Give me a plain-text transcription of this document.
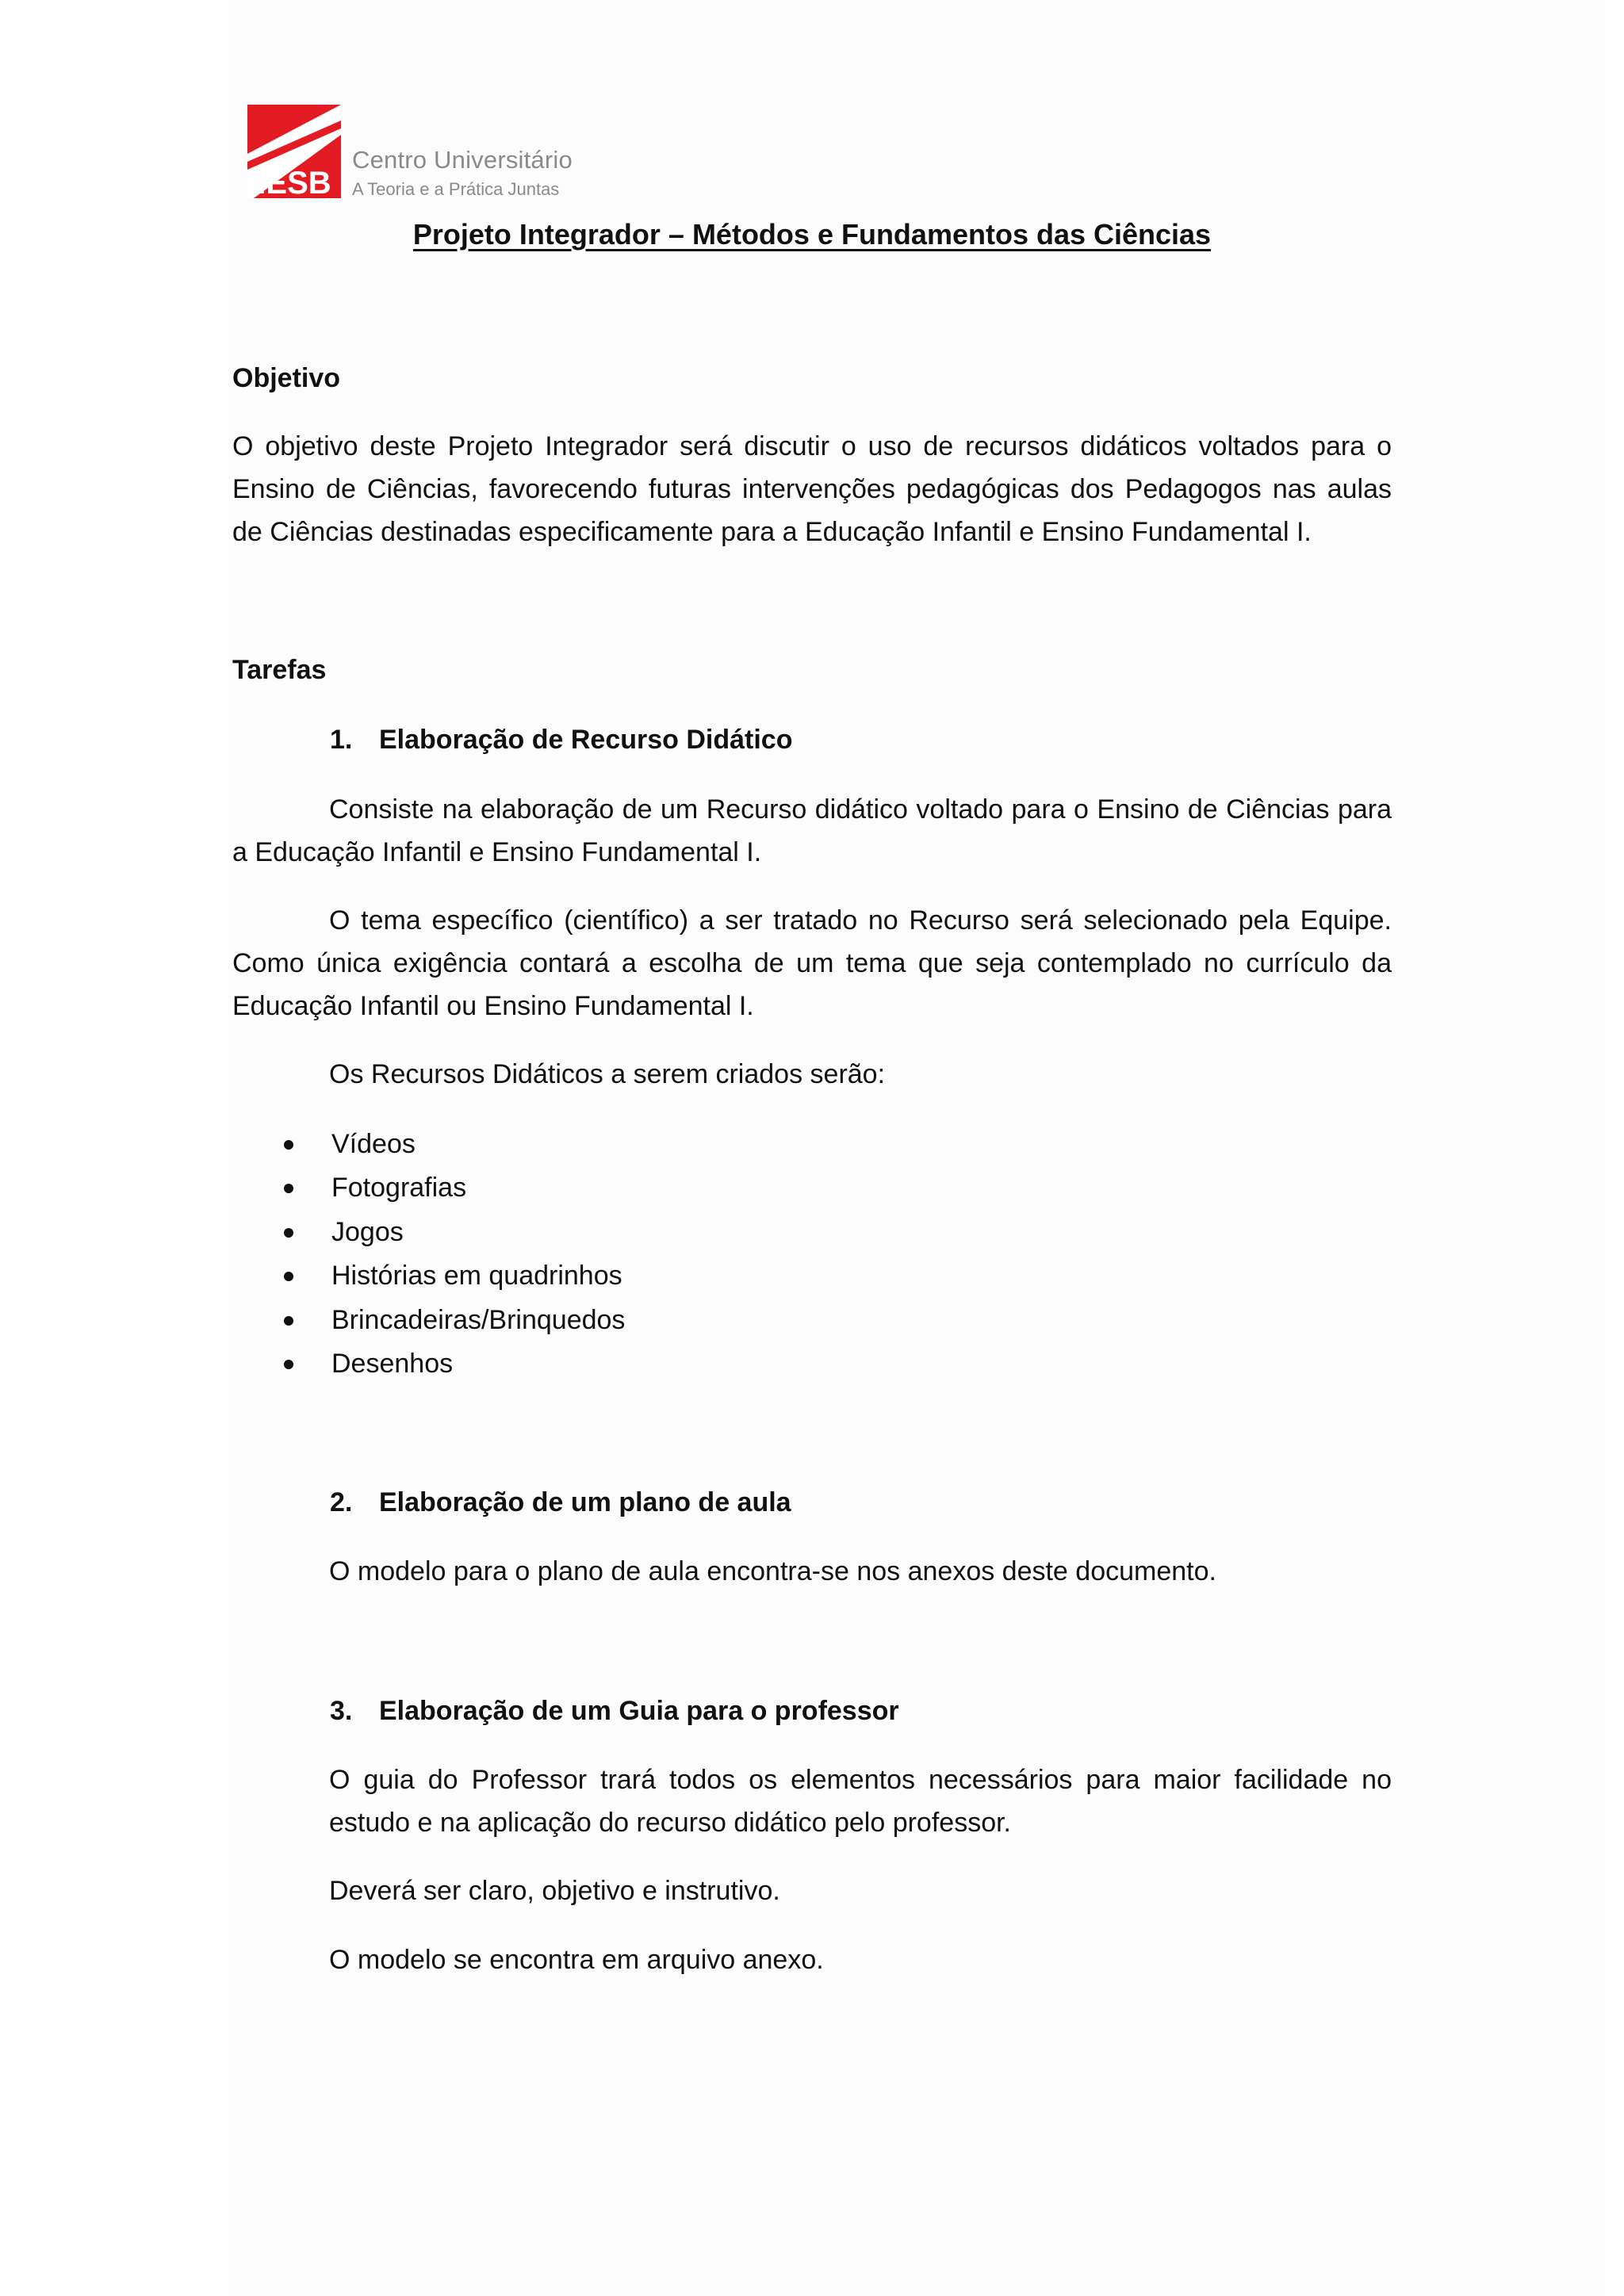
IESB
Centro Universitário
A Teoria e a Prática Juntas
Projeto Integrador – Métodos e Fundamentos das Ciências
Objetivo
O objetivo deste Projeto Integrador será discutir o uso de recursos didáticos voltados para o Ensino de Ciências, favorecendo futuras intervenções pedagógicas dos Pedagogos nas aulas de Ciências destinadas especificamente para a Educação Infantil e Ensino Fundamental I.
Tarefas
1. Elaboração de Recurso Didático
Consiste na elaboração de um Recurso didático voltado para o Ensino de Ciências para a Educação Infantil e Ensino Fundamental I.
O tema específico (científico) a ser tratado no Recurso será selecionado pela Equipe. Como única exigência contará a escolha de um tema que seja contemplado no currículo da Educação Infantil ou Ensino Fundamental I.
Os Recursos Didáticos a serem criados serão:
Vídeos
Fotografias
Jogos
Histórias em quadrinhos
Brincadeiras/Brinquedos
Desenhos
2. Elaboração de um plano de aula
O modelo para o plano de aula encontra-se nos anexos deste documento.
3. Elaboração de um Guia para o professor
O guia do Professor trará todos os elementos necessários para maior facilidade no estudo e na aplicação do recurso didático pelo professor.
Deverá ser claro, objetivo e instrutivo.
O modelo se encontra em arquivo anexo.
